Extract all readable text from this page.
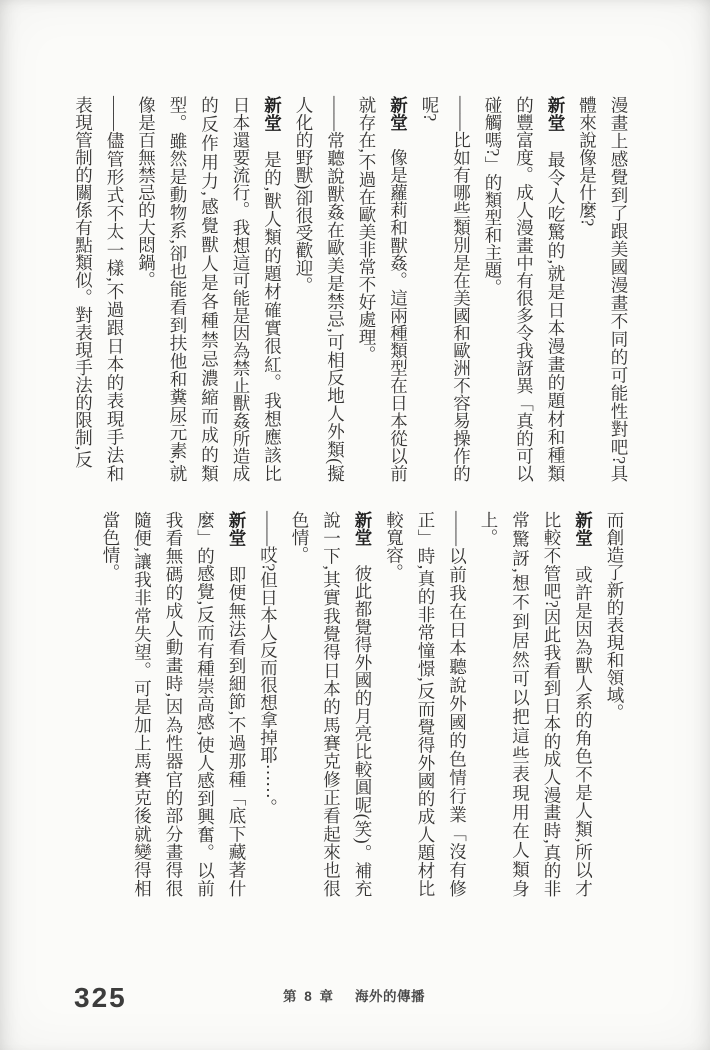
漫畫上感覺到了跟美國漫畫不同的可能性對吧?具體來說像是什麼?

新堂　最令人吃驚的,就是日本漫畫的題材和種類的豐富度。成人漫畫中有很多令我訝異「真的可以碰觸嗎?」的類型和主題。

——比如有哪些類別是在美國和歐洲不容易操作的呢?

新堂　像是蘿莉和獸姦。這兩種類型在日本從以前就存在,不過在歐美非常不好處理。

——常聽說獸姦在歐美是禁忌,可相反地人外類(擬人化的野獸)卻很受歡迎。

新堂　是的,獸人類的題材確實很紅。我想應該比日本還要流行。我想這可能是因為禁止獸姦所造成的反作用力,感覺獸人是各種禁忌濃縮而成的類型。雖然是動物系,卻也能看到扶他和糞尿元素,就像是百無禁忌的大悶鍋。

——儘管形式不太一樣,不過跟日本的表現手法和表現管制的關係有點類似。對表現手法的限制,反

而創造了新的表現和領域。

新堂　或許是因為獸人系的角色不是人類,所以才比較不管吧?因此我看到日本的成人漫畫時,真的非常驚訝,想不到居然可以把這些表現用在人類身上。

——以前我在日本聽說外國的色情行業「沒有修正」時,真的非常憧憬,反而覺得外國的成人題材比較寬容。

新堂　彼此都覺得外國的月亮比較圓呢(笑)。補充說一下,其實我覺得日本的馬賽克修正看起來也很色情。

——哎?但日本人反而很想拿掉耶⋯⋯。

新堂　即便無法看到細節,不過那種「底下藏著什麼」的感覺,反而有種崇高感,使人感到興奮。以前我看無碼的成人動畫時,因為性器官的部分畫得很隨便,讓我非常失望。可是加上馬賽克後就變得相當色情。

325	第 8 章 海外的傳播
